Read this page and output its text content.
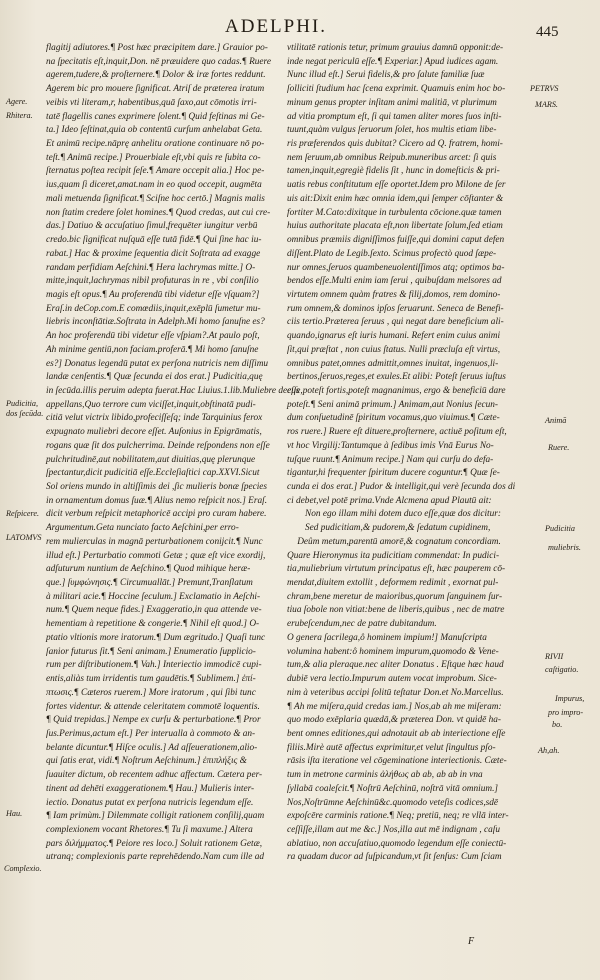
ADELPHI.	445
flagitij adiutores.¶ Post hæc præcipitem dare.] Grauior po-
na ſpecitatis eſt,inquit,Don. nē præuidere quo cadas.¶ Ruere
agerem,tudere,& proſternere.¶ Dolor & iræ fortes reddunt.
Agerem bic pro mouere ſignificat. Atriſ de præterea iratum
veibis vti literam,r, habentibus,quā ſaxo,aut cōmotis irri-
tatē flagellis canes exprimere ſolent.¶ Quid feſtinas mi Ge-
ta.] Ideo ſeſtinat,quia ob contentū curſum anhelabat Geta.
Et animū recipe.nāprę anhelitu oratione continuare nō po-
teſt.¶ Animū recipe.] Prouerbiale eſt,vbi quis re ſubita co-
ſternatus poſtea recipit ſeſe.¶ Amare occepit alia.] Hoc pe-
ius,quam ſi diceret,amat.nam in eo quod occepit, augmēta
mali metuenda ſignificat.¶ Sciſne hoc certō.] Magnis malis
non ſtatim credere ſolet homines.¶ Quod credas, aut cui cre-
das.] Datiuo & accuſatiuo ſimul,frequēter iungitur verbū
credo.bic ſignificat nuſquā eſſe tutā fidē.¶ Qui ſine hac iu-
rabat.] Hac & proxime ſequentia dicit Soſtrata ad exagge
randam perfidiam Aeſchini.¶ Hera lachrymas mitte.] O-
mitte,inquit,lachrymas nibil profuturas in re , vbi conſilio
magis eſt opus.¶ Au proferendū tibi videtur eſſe vſquam?]
Eraſ.in deCop.com.E comœdiis,inquit,exēplū ſumetur mu-
liebris inconſtātiæ.Soſtrata in Adelph.Mi homo ſanuſne es?
An hoc proferendū tibi videtur eſſe vſpiam?.At paulo poſt,
Ah minime gentiū,non faciam.proferā.¶ Mi homo ſanuſne
es?] Donatus legendū putat ex perſona nutricis nem diſſimu
landæ cenſentis.¶ Quæ ſecunda ei dos erat.] Pudicitia,quę
in ſecūda.illis peruim adepta fuerat.Hac Liuius.1.lib.Muliebre decus
appellans,Quo terrore cum viciſſet,inquit,obſtinatā pudi-
citiā velut victrix libido,profeciſſeſq; inde Tarquinius ferox
expugnato muliebri decore eſſet. Auſonius in Epigrāmatis,
rogans quæ ſit dos pulcherrima. Deinde reſpondens non eſſe
pulchritudinē,aut nobilitatem,aut diuitias,quę plerunque
ſpectantur,dicit pudicitiā eſſe.Eccleſiaſtici cap.XXVI.Sicut
Sol oriens mundo in altiſſimis dei ,ſic mulieris bonæ ſpecies
in ornamentum domus ſuæ.¶ Alius nemo reſpicit nos.] Eraſ.
dicit verbum reſpicit metaphoricē accipi pro curam habere.
Argumentum.Geta nunciato facto Aeſchini,per erro-
rem mulierculas in magnā perturbationem conijcit.¶ Nunc
illud eſt.] Perturbatio commoti Getæ ; quæ eſt vice exordij,
adſuturum nuntium de Aeſchino.¶ Quod mihique heræ-
que.] ſυμφώνησις.¶ Circumuallāt.] Premunt,Tranſlatum
à militari acie.¶ Hoccine ſeculum.] Exclamatio in Aeſchi-
num.¶ Quem neque fides.] Exaggeratio,in qua attende ve-
hementiam à repetitione & congerie.¶ Nihil eſt quod.] O-
ptatio vltionis more iratorum.¶ Dum ægritudo.] Quaſi tunc
ſanior futurus ſit.¶ Seni animam.] Enumeratio ſupplicio-
rum per diſtributionem.¶ Vah.] Interiectio immodicē cupi-
entis,aliàs tum irridentis tum gaudētis.¶ Sublimem.] ἐπί-
πτωσις.¶ Cæteros ruerem.] More iratorum , qui ſibi tunc
fortes videntur. & attende celeritatem commotē loquentis.
¶ Quid trepidas.] Nempe ex curſu & perturbatione.¶ Pror
ſus.Perimus,actum eſt.] Per interualla à commoto & an-
belante dicuntur.¶ Hiſce oculis.] Ad aſſeuerationem,alio-
qui ſatis erat, vidi.¶ Noſtrum Aeſchinum.] ἐπιπλήξις &
ſuauiter dictum, ob recentem adhuc affectum. Cætera per-
tinent ad dehēti exaggerationem.¶ Hau.] Mulieris inter-
iectio. Donatus putat ex perſona nutricis legendum eſſe.
¶ Iam primùm.] Dilemmate colligit rationem conſilij,quam
complexionem vocant Rhetores.¶ Tu ſi maxume.] Altera
pars διλήμματος.¶ Peiore res loco.] Soluit rationem Getæ,
utranq; complexionis parte reprehēdendo.Nam cum ille ad
vtilitatē rationis tetur, primum grauius damnū opponit:de-
inde negat periculū eſſe.¶ Experiar.] Apud iudices agam.
Nunc illud eſt.] Serui fidelis,& pro ſalute familiæ ſuæ
ſolliciti ſtudium hac ſcena exprimit. Quamuis enim hoc bo-
minum genus propter inſitam animi malitiā, vt plurimum
ad vitia promptum eſt, ſi qui tamen aliter mores ſuos inſti-
tuunt,quàm vulgus ſeruorum ſolet, hos multis etiam libe-
ris præferendos quis dubitat? Cicero ad Q. fratrem, homi-
nem ſeruum,ab omnibus Reipub.muneribus arcet: ſi quis
tamen,inquit,egregiè fidelis ſit , hunc in domeſticis & pri-
uatis rebus conſtitutum eſſe oportet.Idem pro Milone de ſer
uis ait:Dixit enim hæc omnia idem,qui ſemper cōſtanter &
fortiter M.Cato:dixitque in turbulenta cōcione.quæ tamen
huius authoritate placata eſt,non libertate ſolum,ſed etiam
omnibus præmiis digniſſimos fuiſſe,qui domini caput defen
diſſent.Plato de Legib.ſexto. Scimus profectò quod ſæpe-
nur omnes,ſeruos quambeneuolentiſſimos atq; optimos ba-
bendos eſſe.Multi enim iam ſerui , quibuſdam melsores ad
virtutem omnem quàm fratres & filij,domos, rem domino-
rum omnem,& dominos ipſos ſeruarunt. Seneca de Benefi-
ciis tertio.Præterea ſeruus , qui negat dare beneficium ali-
quando,ignarus eſt iuris humani. Refert enim cuius animi
ſit,qui præſtat , non cuius ſtatus. Nulli præcluſa eſt virtus,
omnibus patet,omnes admittit,omnes inuitat, ingenuos,li-
bertinos,ſeruos,reges,et exules.Et alibi: Poteſt ſeruus iuſtus
eſſe,poteſt fortis,poteſt magnanimus, ergo & beneficiū dare
poteſt.¶ Seni animā primum.] Animam,aut Nonius ſecun-
dum conſuetudinē ſpiritum vocamus,quo viuimus.¶ Cæte-
ros ruere.] Ruere eſt dituere,proſternere, actiuē poſitum eſt,
vt hoc Virgilij:Tantumque à ſedibus imis Vnā Eurus No-
tuſque ruunt.¶ Animum recipe.] Nam qui curſu do defa-
tigantur,hi frequenter ſpiritum ducere coguntur.¶ Quæ ſe-
cunda ei dos erat.] Pudor & intelligit,qui verè ſecunda dos di
ci debet,vel potē prima.Vnde Alcmena apud Plautū ait:
Non ego illam mihi dotem duco eſſe,quæ dos dicitur:
Sed pudicitiam,& pudorem,& ſedatum cupidinem,
Deûm metum,parentū amorē,& cognatum concordiam.
Quare Hieronymus ita pudicitiam commendat: In pudici-
tia,muliebrium virtutum principatus eſt, hæc pauperem cō-
mendat,diuitem extollit , deformem redimit , exornat pul-
chram,bene meretur de maioribus,quorum ſanguinem ſur-
tiua ſobole non vitiat:bene de liberis,quibus , nec de matre
erubeſcendum,nec de patre dubitandum.
O genera ſacrilega,ô hominem impium!] Manuſcripta
volumina habent:ô hominem impurum,quomodo & Vene-
tum,& alia pleraque.nec aliter Donatus . Eſtque hæc haud
dubiē vera lectio.Impurum autem vocat improbum. Sice-
nim à veteribus accipi ſolitū teſtatur Don.et No.Marcellus.
¶ Ah me miſera,quid credas iam.] Nos,ab ah me miſeram:
quo modo exēplaria quædā,& præterea Don. vt quidē ha-
bent omnes editiones,qui adnotauit ab ab interiectione eſſe
filiis.Mirè autē affectus exprimitur,et velut ſingultus pſo-
rāsis iſta iteratione vel cōgeminatione interiectionis. Cæte-
tum in metrone carminis ἀλήθως ab ab, ab ab in vna
ſyllabā coaleſcit.¶ Noſtrū Aeſchinū, noſtrā vitā omnium.]
Nos,Noſtrūmne Aeſchinū&c.quomodo veteſis codices,sdē
expoſcēre carminis ratione.¶ Neq; pretiū, neq; re vllā inter-
ceſſiſſe,illam aut me &c.] Nos,illa aut mē indignam , caſu
ablatiuo, non accuſatiuo,quomodo legendum eſſe coniectū-
ra quadam ducor ad ſuſpicandum,vt ſit ſenſus: Cum ſciam
Agere.
Rhitera.
Pudicitia,
dos ſecūda.
Reſpicere.
LATOMVS
Hau.
Complexio.
PETRVS
MARS.
Animā
Ruere.
Pudicitia
muliebris.
RIVII
caſtigatio.
Impurus,
pro impro-
bo.
Ah,ah.
F
